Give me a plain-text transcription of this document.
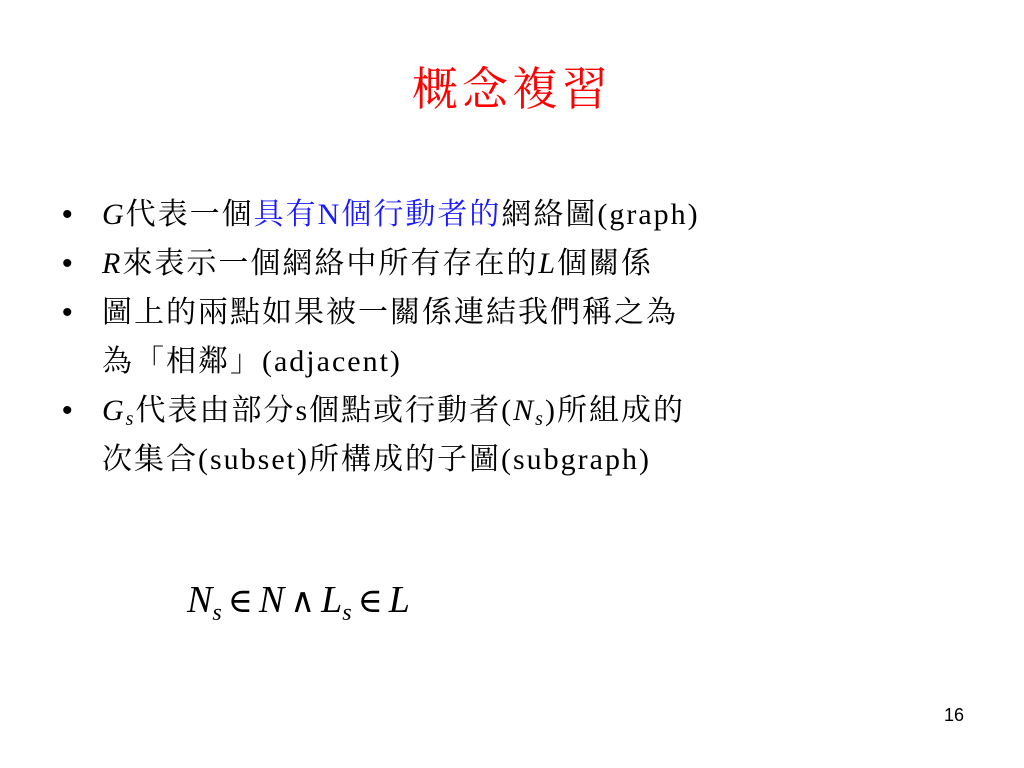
概念複習
• G代表一個具有N個行動者的網絡圖(graph)
• R來表示一個網絡中所有存在的L個關係
• 圖上的兩點如果被一關係連結我們稱之為
為「相鄰」(adjacent)
• $G_s$代表由部分s個點或行動者$(N_s)$所組成的
次集合(subset)所構成的子圖(subgraph)
$N_s$ ∈ N ∧ $L_s$ ∈ L
16
